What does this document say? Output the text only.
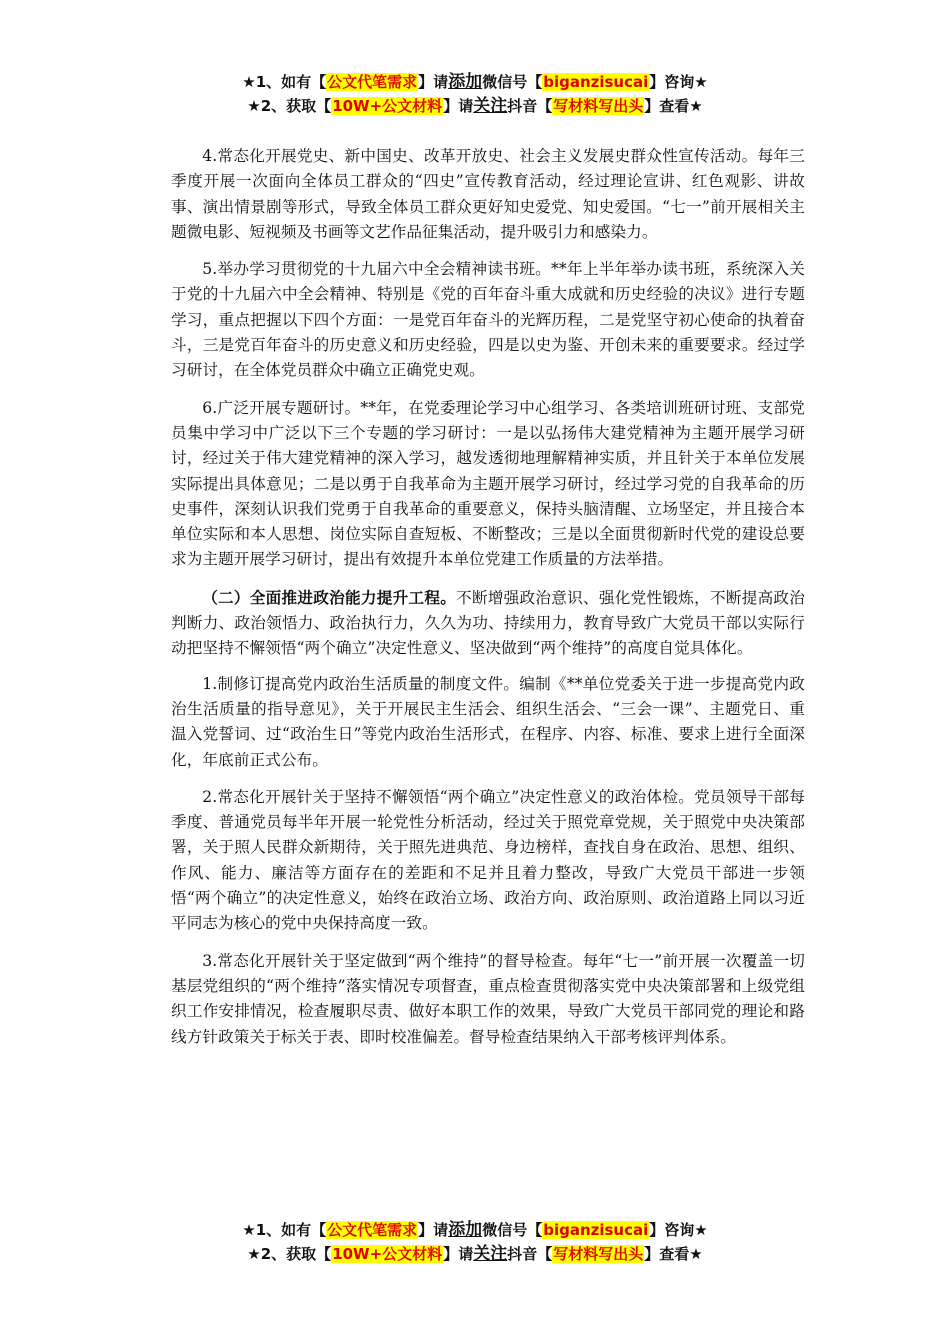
★1、如有【公文代笔需求】请添加微信号【biganzisucai】咨询★
★2、获取【10W+公文材料】请关注抖音【写材料写出头】查看★

4.常态化开展党史、新中国史、改革开放史、社会主义发展史群众性宣传活动。每年三季度开展一次面向全体员工群众的“四史”宣传教育活动，经过理论宣讲、红色观影、讲故事、演出情景剧等形式，导致全体员工群众更好知史爱党、知史爱国。“七一”前开展相关主题微电影、短视频及书画等文艺作品征集活动，提升吸引力和感染力。

5.举办学习贯彻党的十九届六中全会精神读书班。**年上半年举办读书班，系统深入关于党的十九届六中全会精神、特别是《党的百年奋斗重大成就和历史经验的决议》进行专题学习，重点把握以下四个方面：一是党百年奋斗的光辉历程，二是党坚守初心使命的执着奋斗，三是党百年奋斗的历史意义和历史经验，四是以史为鉴、开创未来的重要要求。经过学习研讨，在全体党员群众中确立正确党史观。

6.广泛开展专题研讨。**年，在党委理论学习中心组学习、各类培训班研讨班、支部党员集中学习中广泛以下三个专题的学习研讨：一是以弘扬伟大建党精神为主题开展学习研讨，经过关于伟大建党精神的深入学习，越发透彻地理解精神实质，并且针关于本单位发展实际提出具体意见；二是以勇于自我革命为主题开展学习研讨，经过学习党的自我革命的历史事件，深刻认识我们党勇于自我革命的重要意义，保持头脑清醒、立场坚定，并且接合本单位实际和本人思想、岗位实际自查短板、不断整改；三是以全面贯彻新时代党的建设总要求为主题开展学习研讨，提出有效提升本单位党建工作质量的方法举措。

（二）全面推进政治能力提升工程。不断增强政治意识、强化党性锻炼，不断提高政治判断力、政治领悟力、政治执行力，久久为功、持续用力，教育导致广大党员干部以实际行动把坚持不懈领悟“两个确立”决定性意义、坚决做到“两个维持”的高度自觉具体化。

1.制修订提高党内政治生活质量的制度文件。编制《**单位党委关于进一步提高党内政治生活质量的指导意见》，关于开展民主生活会、组织生活会、“三会一课”、主题党日、重温入党誓词、过“政治生日”等党内政治生活形式，在程序、内容、标准、要求上进行全面深化，年底前正式公布。

2.常态化开展针关于坚持不懈领悟“两个确立”决定性意义的政治体检。党员领导干部每季度、普通党员每半年开展一轮党性分析活动，经过关于照党章党规，关于照党中央决策部署，关于照人民群众新期待，关于照先进典范、身边榜样，查找自身在政治、思想、组织、作风、能力、廉洁等方面存在的差距和不足并且着力整改，导致广大党员干部进一步领悟“两个确立”的决定性意义，始终在政治立场、政治方向、政治原则、政治道路上同以习近平同志为核心的党中央保持高度一致。

3.常态化开展针关于坚定做到“两个维持”的督导检查。每年“七一”前开展一次覆盖一切基层党组织的“两个维持”落实情况专项督查，重点检查贯彻落实党中央决策部署和上级党组织工作安排情况，检查履职尽责、做好本职工作的效果，导致广大党员干部同党的理论和路线方针政策关于标关于表、即时校准偏差。督导检查结果纳入干部考核评判体系。

★1、如有【公文代笔需求】请添加微信号【biganzisucai】咨询★
★2、获取【10W+公文材料】请关注抖音【写材料写出头】查看★
